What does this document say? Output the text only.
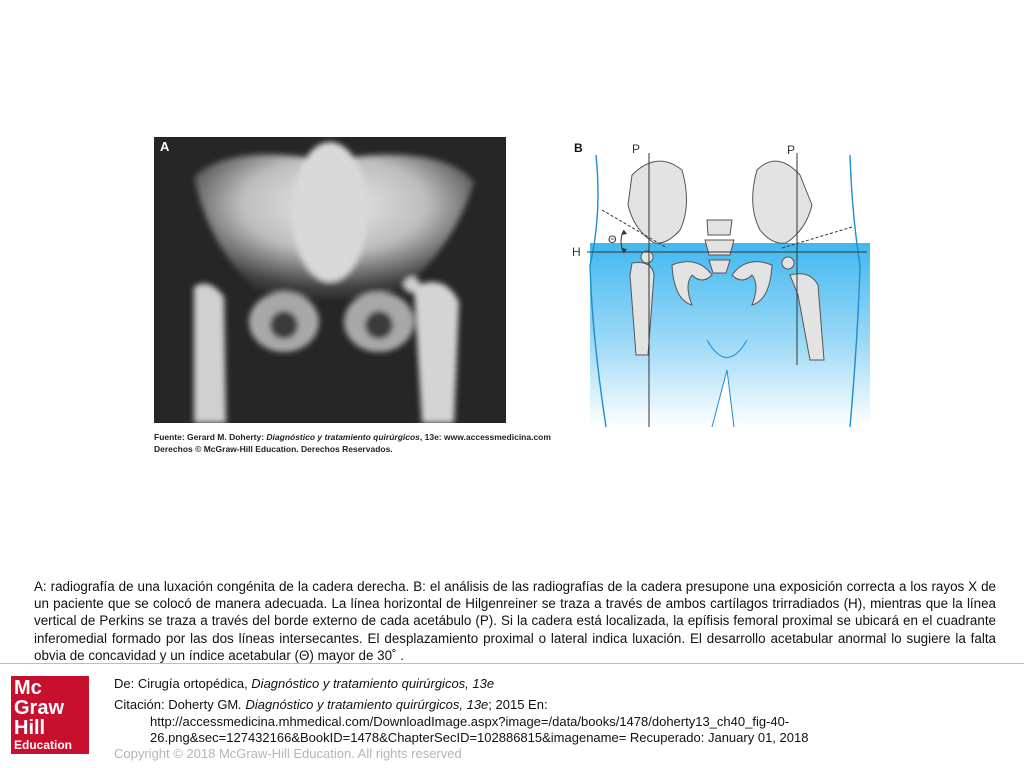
A
Fuente: Gerard M. Doherty: Diagnóstico y tratamiento quirúrgicos, 13e: www.accessmedicina.com
Derechos © McGraw-Hill Education. Derechos Reservados.
B	P	P
H
Θ
A: radiografía de una luxación congénita de la cadera derecha. B: el análisis de las radiografías de la cadera presupone una exposición correcta a los rayos X de un paciente que se colocó de manera adecuada. La línea horizontal de Hilgenreiner se traza a través de ambos cartílagos trirradiados (H), mientras que la línea vertical de Perkins se traza a través del borde externo de cada acetábulo (P). Si la cadera está localizada, la epífisis femoral proximal se ubicará en el cuadrante inferomedial formado por las dos líneas intersecantes. El desplazamiento proximal o lateral indica luxación. El desarrollo acetabular anormal lo sugiere la falta obvia de concavidad y un índice acetabular (Θ) mayor de 30˚ .
Mc
Graw
Hill
Education
De: Cirugía ortopédica, Diagnóstico y tratamiento quirúrgicos, 13e
Citación: Doherty GM. Diagnóstico y tratamiento quirúrgicos, 13e; 2015 En:
http://accessmedicina.mhmedical.com/DownloadImage.aspx?image=/data/books/1478/doherty13_ch40_fig-40-
26.png&sec=127432166&BookID=1478&ChapterSecID=102886815&imagename= Recuperado: January 01, 2018
Copyright © 2018 McGraw-Hill Education. All rights reserved
